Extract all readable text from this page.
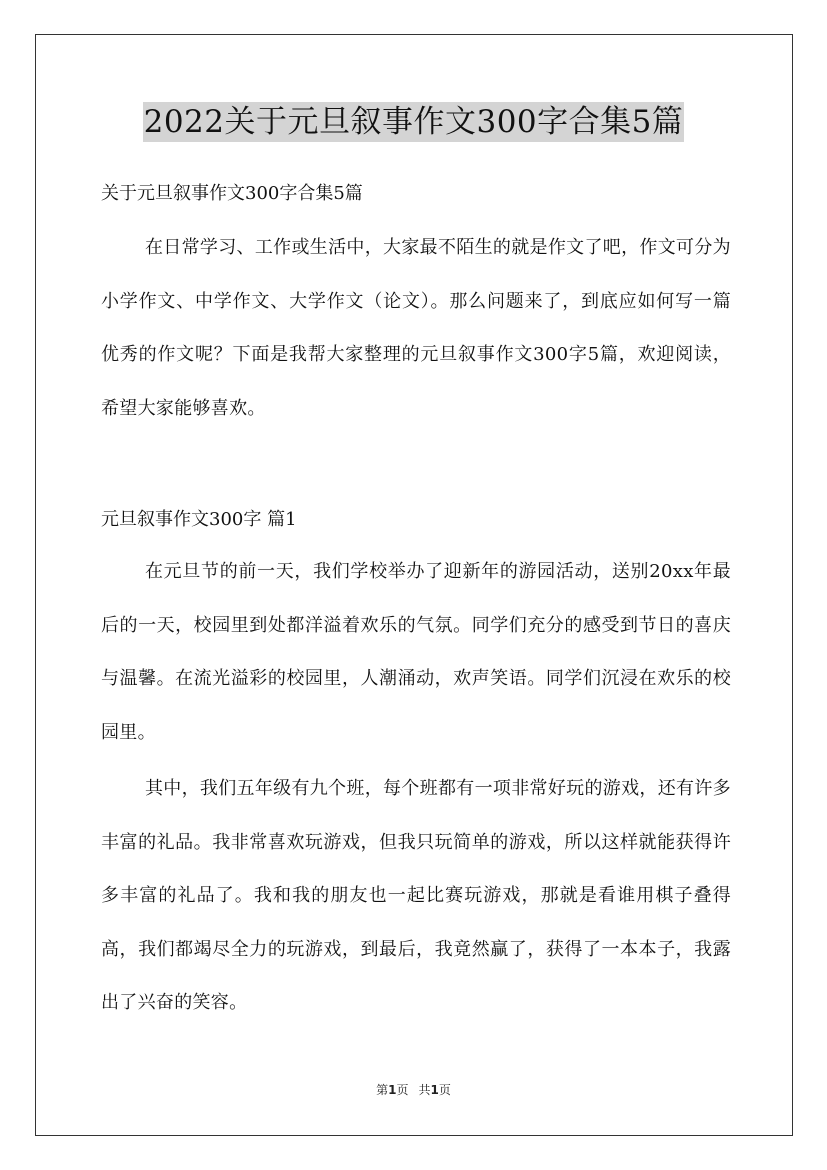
2022关于元旦叙事作文300字合集5篇

关于元旦叙事作文300字合集5篇

在日常学习、工作或生活中，大家最不陌生的就是作文了吧，作文可分为小学作文、中学作文、大学作文（论文）。那么问题来了，到底应如何写一篇优秀的作文呢？下面是我帮大家整理的元旦叙事作文300字5篇，欢迎阅读，希望大家能够喜欢。

元旦叙事作文300字 篇1

在元旦节的前一天，我们学校举办了迎新年的游园活动，送别20xx年最后的一天，校园里到处都洋溢着欢乐的气氛。同学们充分的感受到节日的喜庆与温馨。在流光溢彩的校园里，人潮涌动，欢声笑语。同学们沉浸在欢乐的校园里。

其中，我们五年级有九个班，每个班都有一项非常好玩的游戏，还有许多丰富的礼品。我非常喜欢玩游戏，但我只玩简单的游戏，所以这样就能获得许多丰富的礼品了。我和我的朋友也一起比赛玩游戏，那就是看谁用棋子叠得高，我们都竭尽全力的玩游戏，到最后，我竟然赢了，获得了一本本子，我露出了兴奋的笑容。

第1页 共1页
